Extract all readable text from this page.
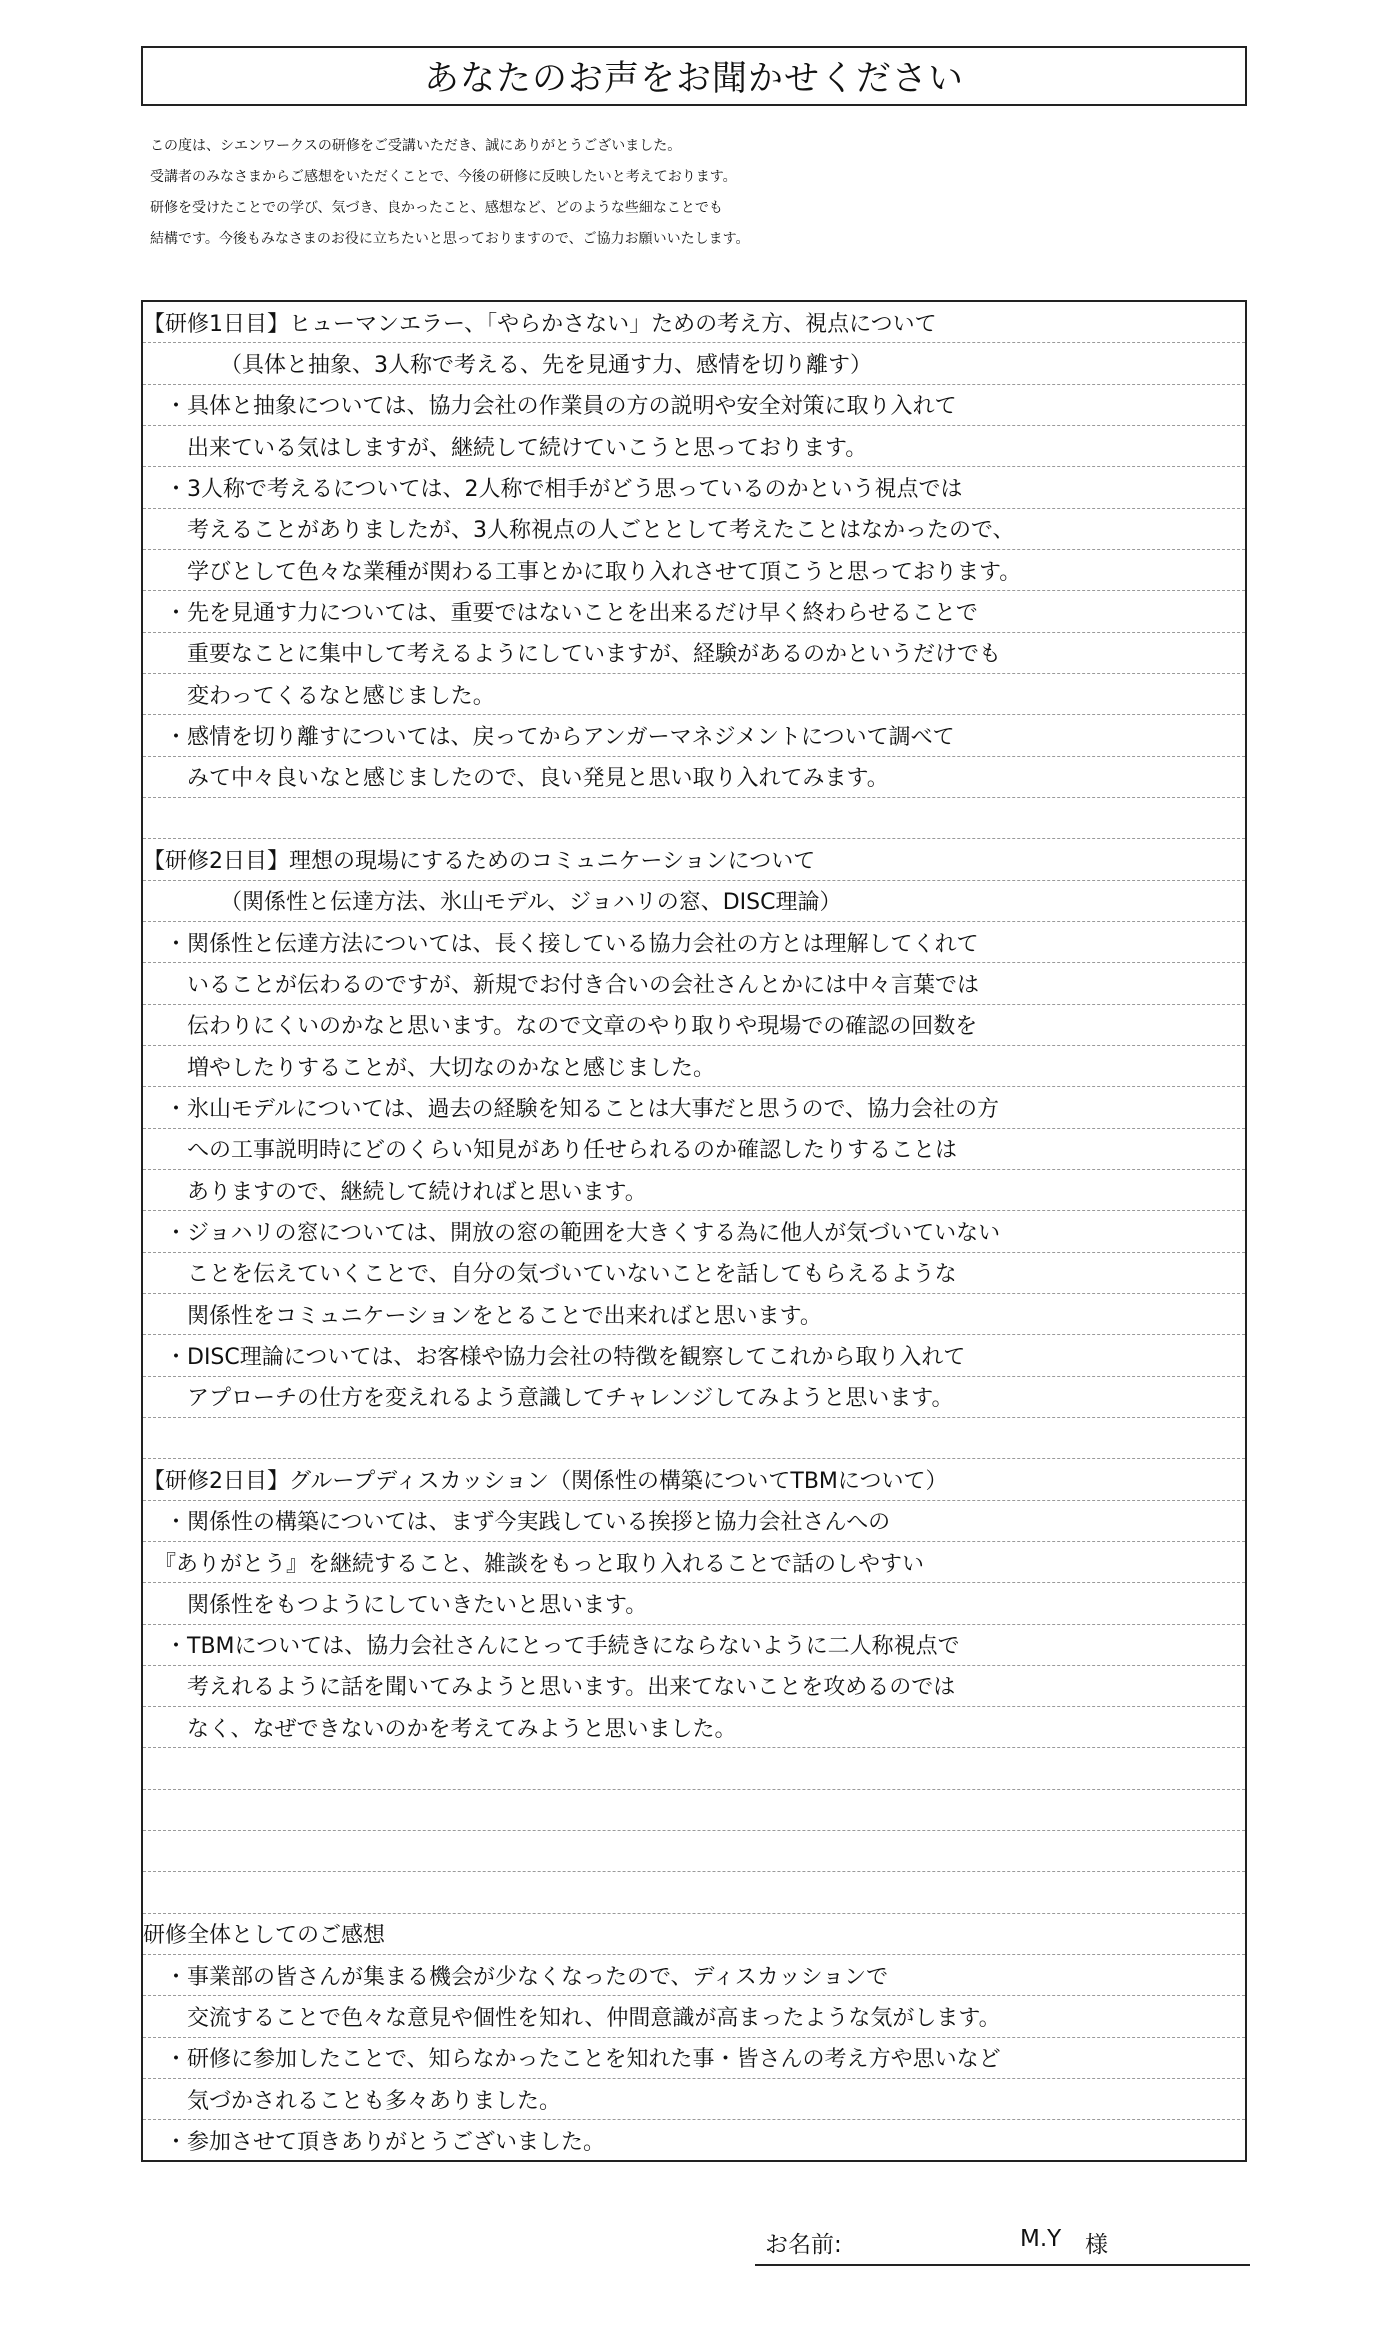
あなたのお声をお聞かせください
この度は、シエンワークスの研修をご受講いただき、誠にありがとうございました。
受講者のみなさまからご感想をいただくことで、今後の研修に反映したいと考えております。
研修を受けたことでの学び、気づき、良かったこと、感想など、どのような些細なことでも
結構です。今後もみなさまのお役に立ちたいと思っておりますので、ご協力お願いいたします。
【研修1日目】ヒューマンエラー、「やらかさない」ための考え方、視点について
　　　　（具体と抽象、3人称で考える、先を見通す力、感情を切り離す）
　・具体と抽象については、協力会社の作業員の方の説明や安全対策に取り入れて
　　出来ている気はしますが、継続して続けていこうと思っております。
　・3人称で考えるについては、2人称で相手がどう思っているのかという視点では
　　考えることがありましたが、3人称視点の人ごととして考えたことはなかったので、
　　学びとして色々な業種が関わる工事とかに取り入れさせて頂こうと思っております。
　・先を見通す力については、重要ではないことを出来るだけ早く終わらせることで
　　重要なことに集中して考えるようにしていますが、経験があるのかというだけでも
　　変わってくるなと感じました。
　・感情を切り離すについては、戻ってからアンガーマネジメントについて調べて
　　みて中々良いなと感じましたので、良い発見と思い取り入れてみます。
【研修2日目】理想の現場にするためのコミュニケーションについて
　　　　（関係性と伝達方法、氷山モデル、ジョハリの窓、DISC理論）
　・関係性と伝達方法については、長く接している協力会社の方とは理解してくれて
　　いることが伝わるのですが、新規でお付き合いの会社さんとかには中々言葉では
　　伝わりにくいのかなと思います。なので文章のやり取りや現場での確認の回数を
　　増やしたりすることが、大切なのかなと感じました。
　・氷山モデルについては、過去の経験を知ることは大事だと思うので、協力会社の方
　　への工事説明時にどのくらい知見があり任せられるのか確認したりすることは
　　ありますので、継続して続ければと思います。
　・ジョハリの窓については、開放の窓の範囲を大きくする為に他人が気づいていない
　　ことを伝えていくことで、自分の気づいていないことを話してもらえるような
　　関係性をコミュニケーションをとることで出来ればと思います。
　・DISC理論については、お客様や協力会社の特徴を観察してこれから取り入れて
　　アプローチの仕方を変えれるよう意識してチャレンジしてみようと思います。
【研修2日目】グループディスカッション（関係性の構築についてTBMについて）
　・関係性の構築については、まず今実践している挨拶と協力会社さんへの
　『ありがとう』を継続すること、雑談をもっと取り入れることで話のしやすい
　　関係性をもつようにしていきたいと思います。
　・TBMについては、協力会社さんにとって手続きにならないように二人称視点で
　　考えれるように話を聞いてみようと思います。出来てないことを攻めるのでは
　　なく、なぜできないのかを考えてみようと思いました。
研修全体としてのご感想
　・事業部の皆さんが集まる機会が少なくなったので、ディスカッションで
　　交流することで色々な意見や個性を知れ、仲間意識が高まったような気がします。
　・研修に参加したことで、知らなかったことを知れた事・皆さんの考え方や思いなど
　　気づかされることも多々ありました。
　・参加させて頂きありがとうございました。
お名前:	M.Y 様
